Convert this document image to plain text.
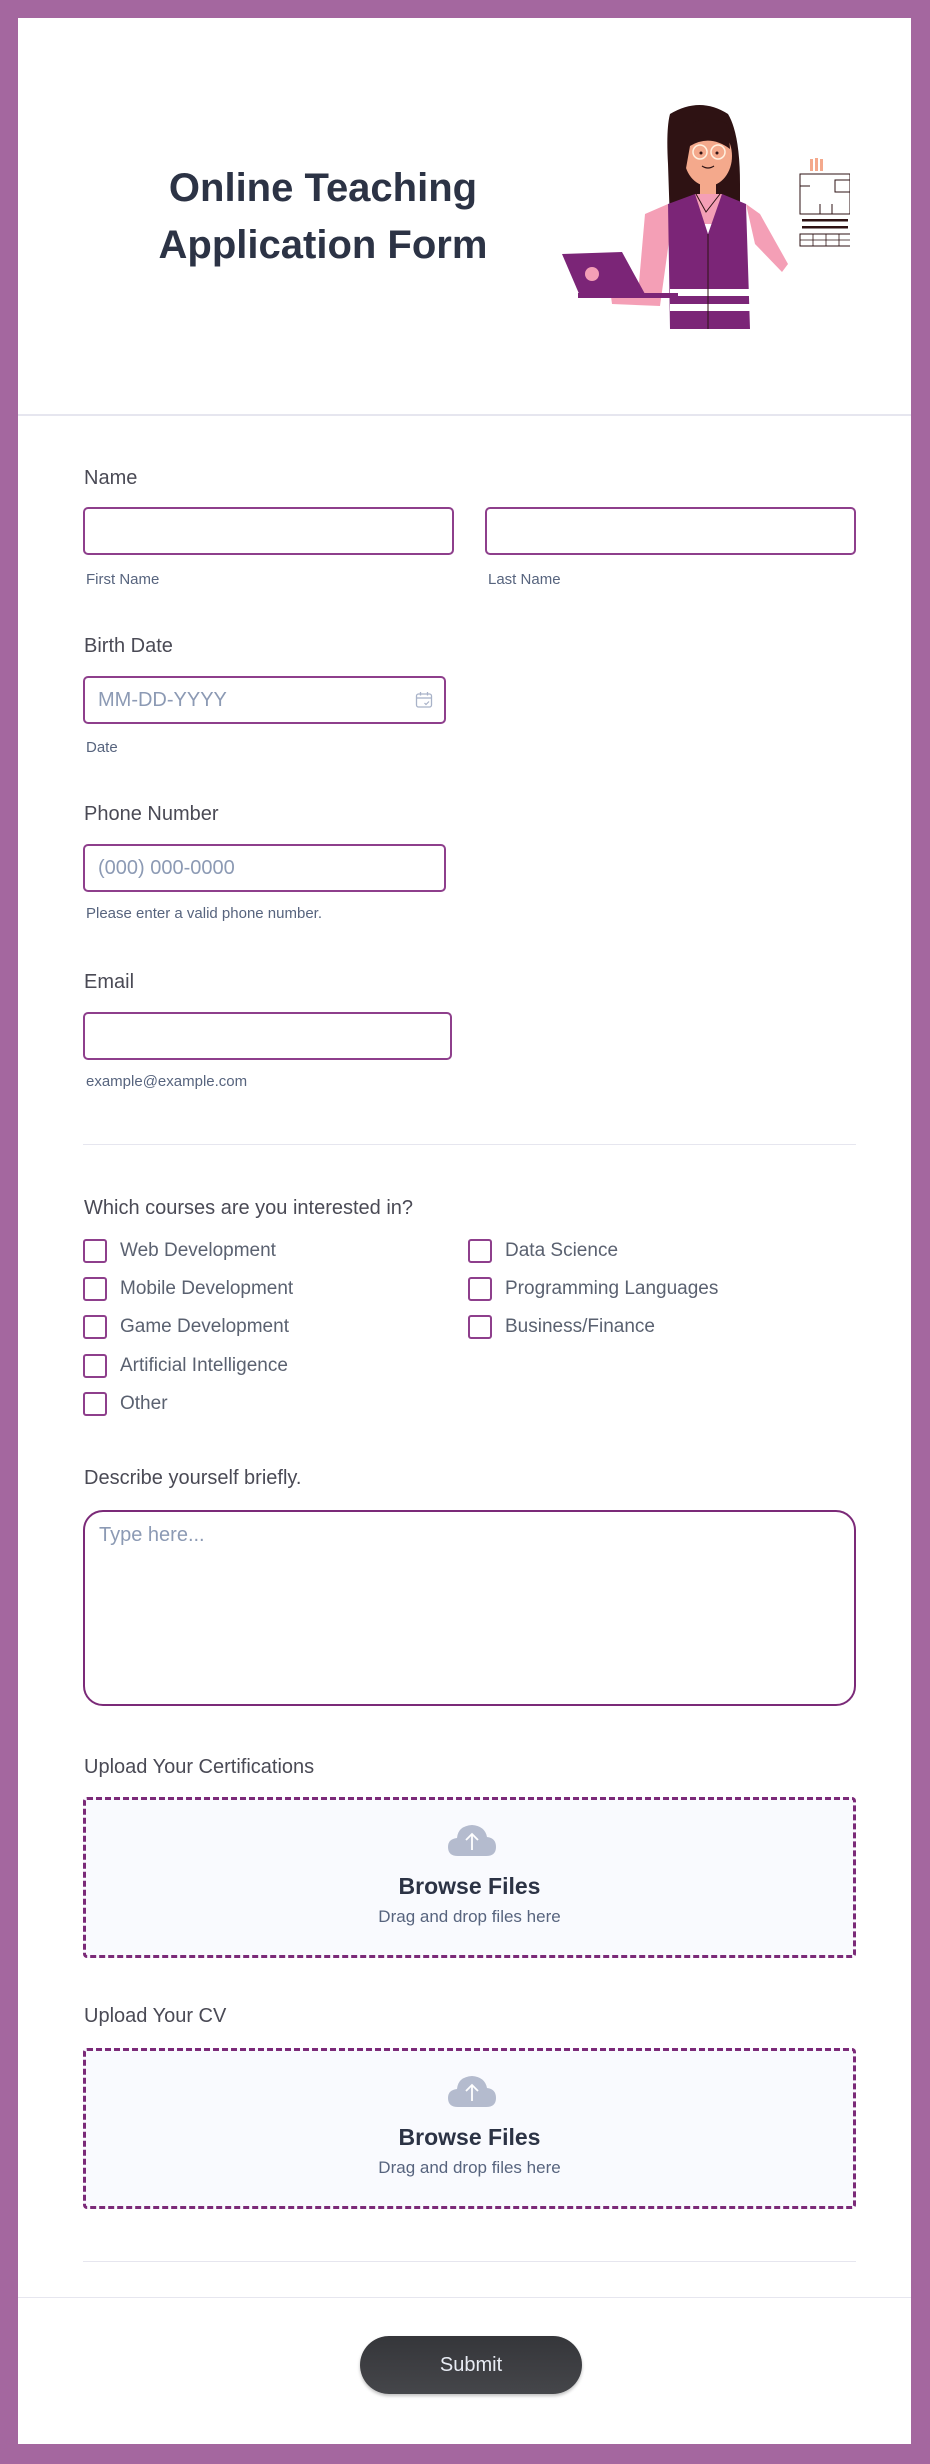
Online Teaching
Application Form
Name
First Name	Last Name
Birth Date
MM-DD-YYYY
Date
Phone Number
(000) 000-0000
Please enter a valid phone number.
Email
example@example.com
Which courses are you interested in?
Web Development
Mobile Development
Game Development
Artificial Intelligence
Other
Data Science
Programming Languages
Business/Finance
Describe yourself briefly.
Type here...
Upload Your Certifications
Browse Files
Drag and drop files here
Upload Your CV
Browse Files
Drag and drop files here
Submit
